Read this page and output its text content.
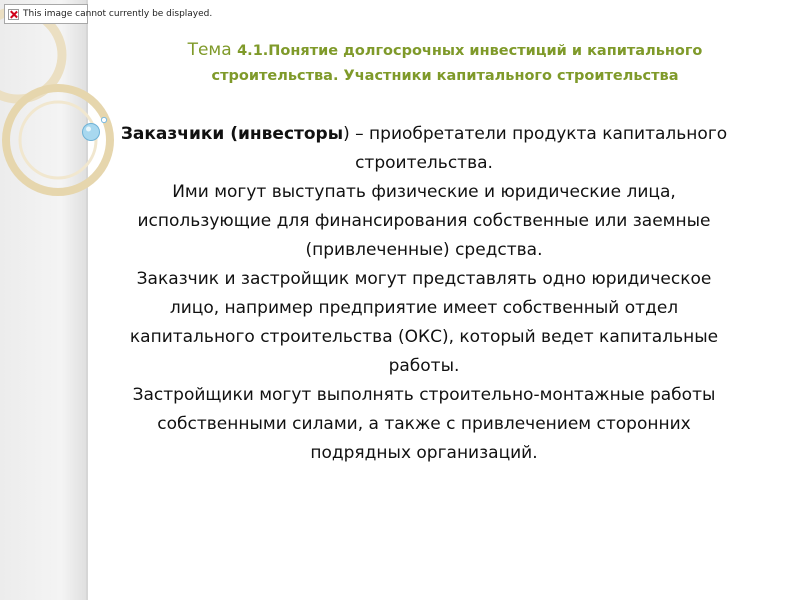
This image cannot currently be displayed.
Тема 4.1.Понятие долгосрочных инвестиций и капитального строительства. Участники капитального строительства

Заказчики (инвесторы) – приобретатели продукта капитального строительства.

Ими могут выступать физические и юридические лица, использующие для финансирования собственные или заемные (привлеченные) средства.

Заказчик и застройщик могут представлять одно юридическое лицо, например предприятие имеет собственный отдел капитального строительства (ОКС), который ведет капитальные работы.

Застройщики могут выполнять строительно-монтажные работы собственными силами, а также с привлечением сторонних подрядных организаций.
